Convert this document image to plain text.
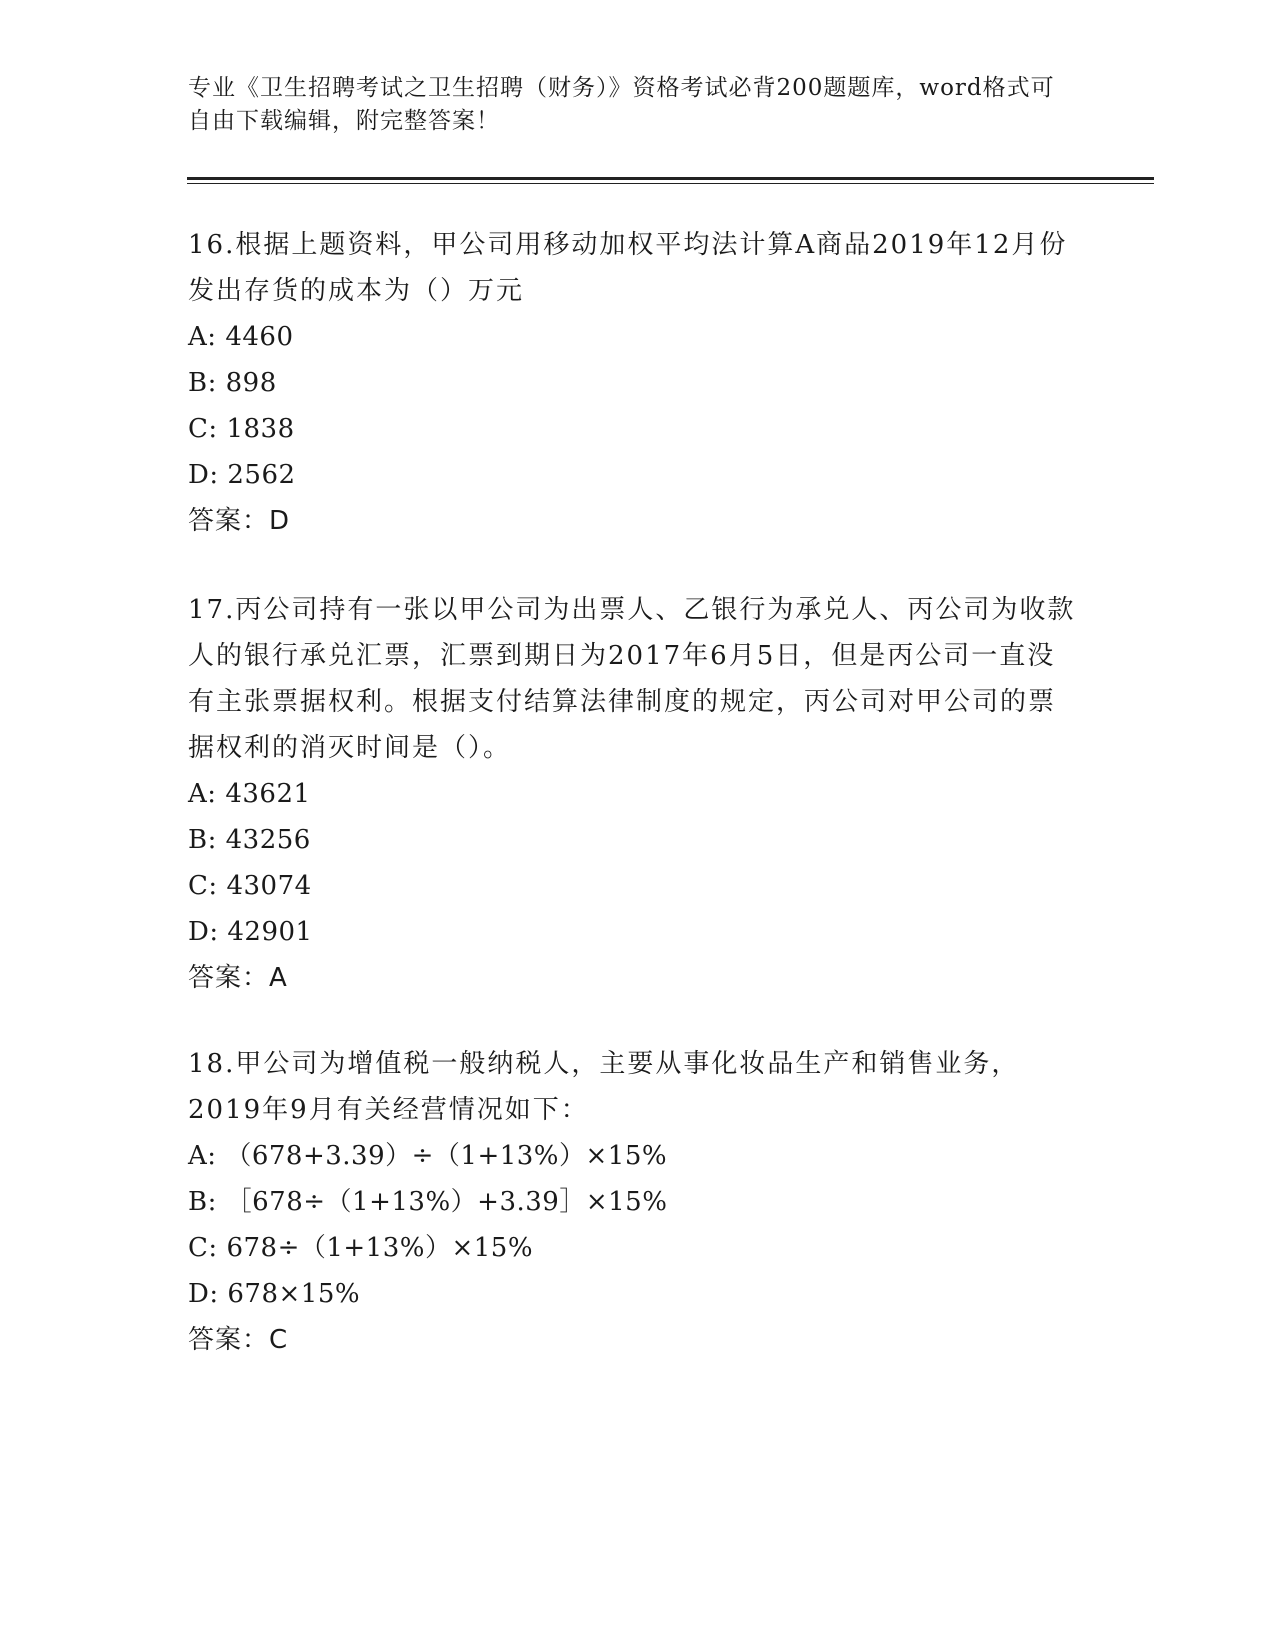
专业《卫生招聘考试之卫生招聘（财务）》资格考试必背200题题库，word格式可自由下载编辑，附完整答案！

16.根据上题资料，甲公司用移动加权平均法计算A商品2019年12月份发出存货的成本为（）万元

A : 4460

B : 898

C : 1838

D : 2562

答案：D

17.丙公司持有一张以甲公司为出票人、乙银行为承兑人、丙公司为收款人的银行承兑汇票，汇票到期日为2017年6月5日，但是丙公司一直没有主张票据权利。根据支付结算法律制度的规定，丙公司对甲公司的票据权利的消灭时间是（）。

A : 43621

B : 43256

C : 43074

D : 42901

答案：A

18.甲公司为增值税一般纳税人，主要从事化妆品生产和销售业务，2019年9月有关经营情况如下：

A : （678+3.39）÷（1+13%）×15%

B : ［678÷（1+13%）+3.39］×15%

C : 678÷（1+13%）×15%

D : 678×15%

答案：C
